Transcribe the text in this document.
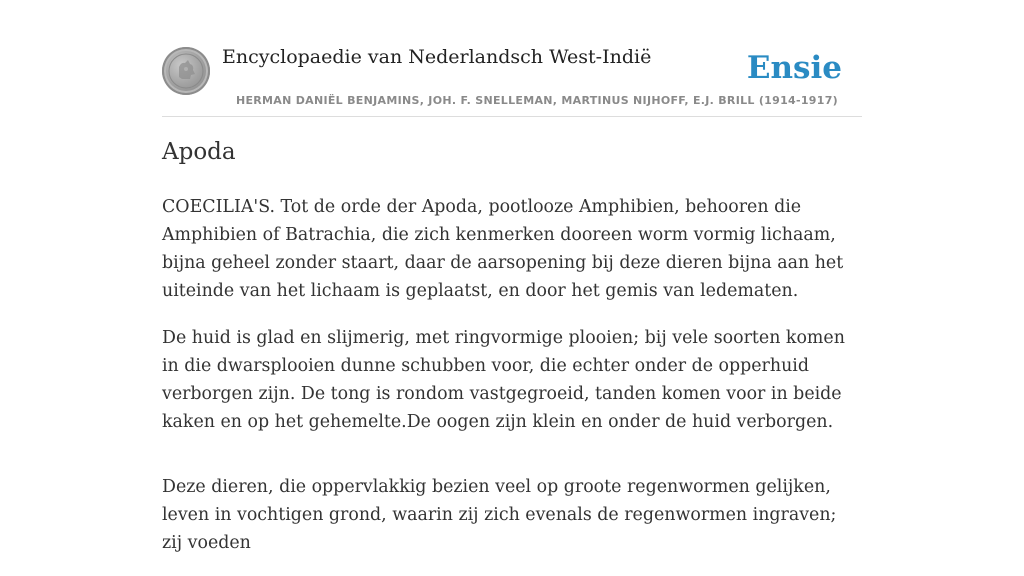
Encyclopaedie van Nederlandsch West-Indië	Ensie
HERMAN DANIËL BENJAMINS, JOH. F. SNELLEMAN, MARTINUS NIJHOFF, E.J. BRILL (1914-1917)
Apoda

COECILIA'S. Tot de orde der Apoda, pootlooze Amphibien, behooren die Amphibien of Batrachia, die zich kenmerken dooreen worm vormig lichaam, bijna geheel zonder staart, daar de aarsopening bij deze dieren bijna aan het uiteinde van het lichaam is geplaatst, en door het gemis van ledematen.

De huid is glad en slijmerig, met ringvormige plooien; bij vele soorten komen in die dwarsplooien dunne schubben voor, die echter onder de opperhuid verborgen zijn. De tong is rondom vastgegroeid, tanden komen voor in beide kaken en op het gehemelte.De oogen zijn klein en onder de huid verborgen.

Deze dieren, die oppervlakkig bezien veel op groote regenwormen gelijken, leven in vochtigen grond, waarin zij zich evenals de regenwormen ingraven; zij voeden
